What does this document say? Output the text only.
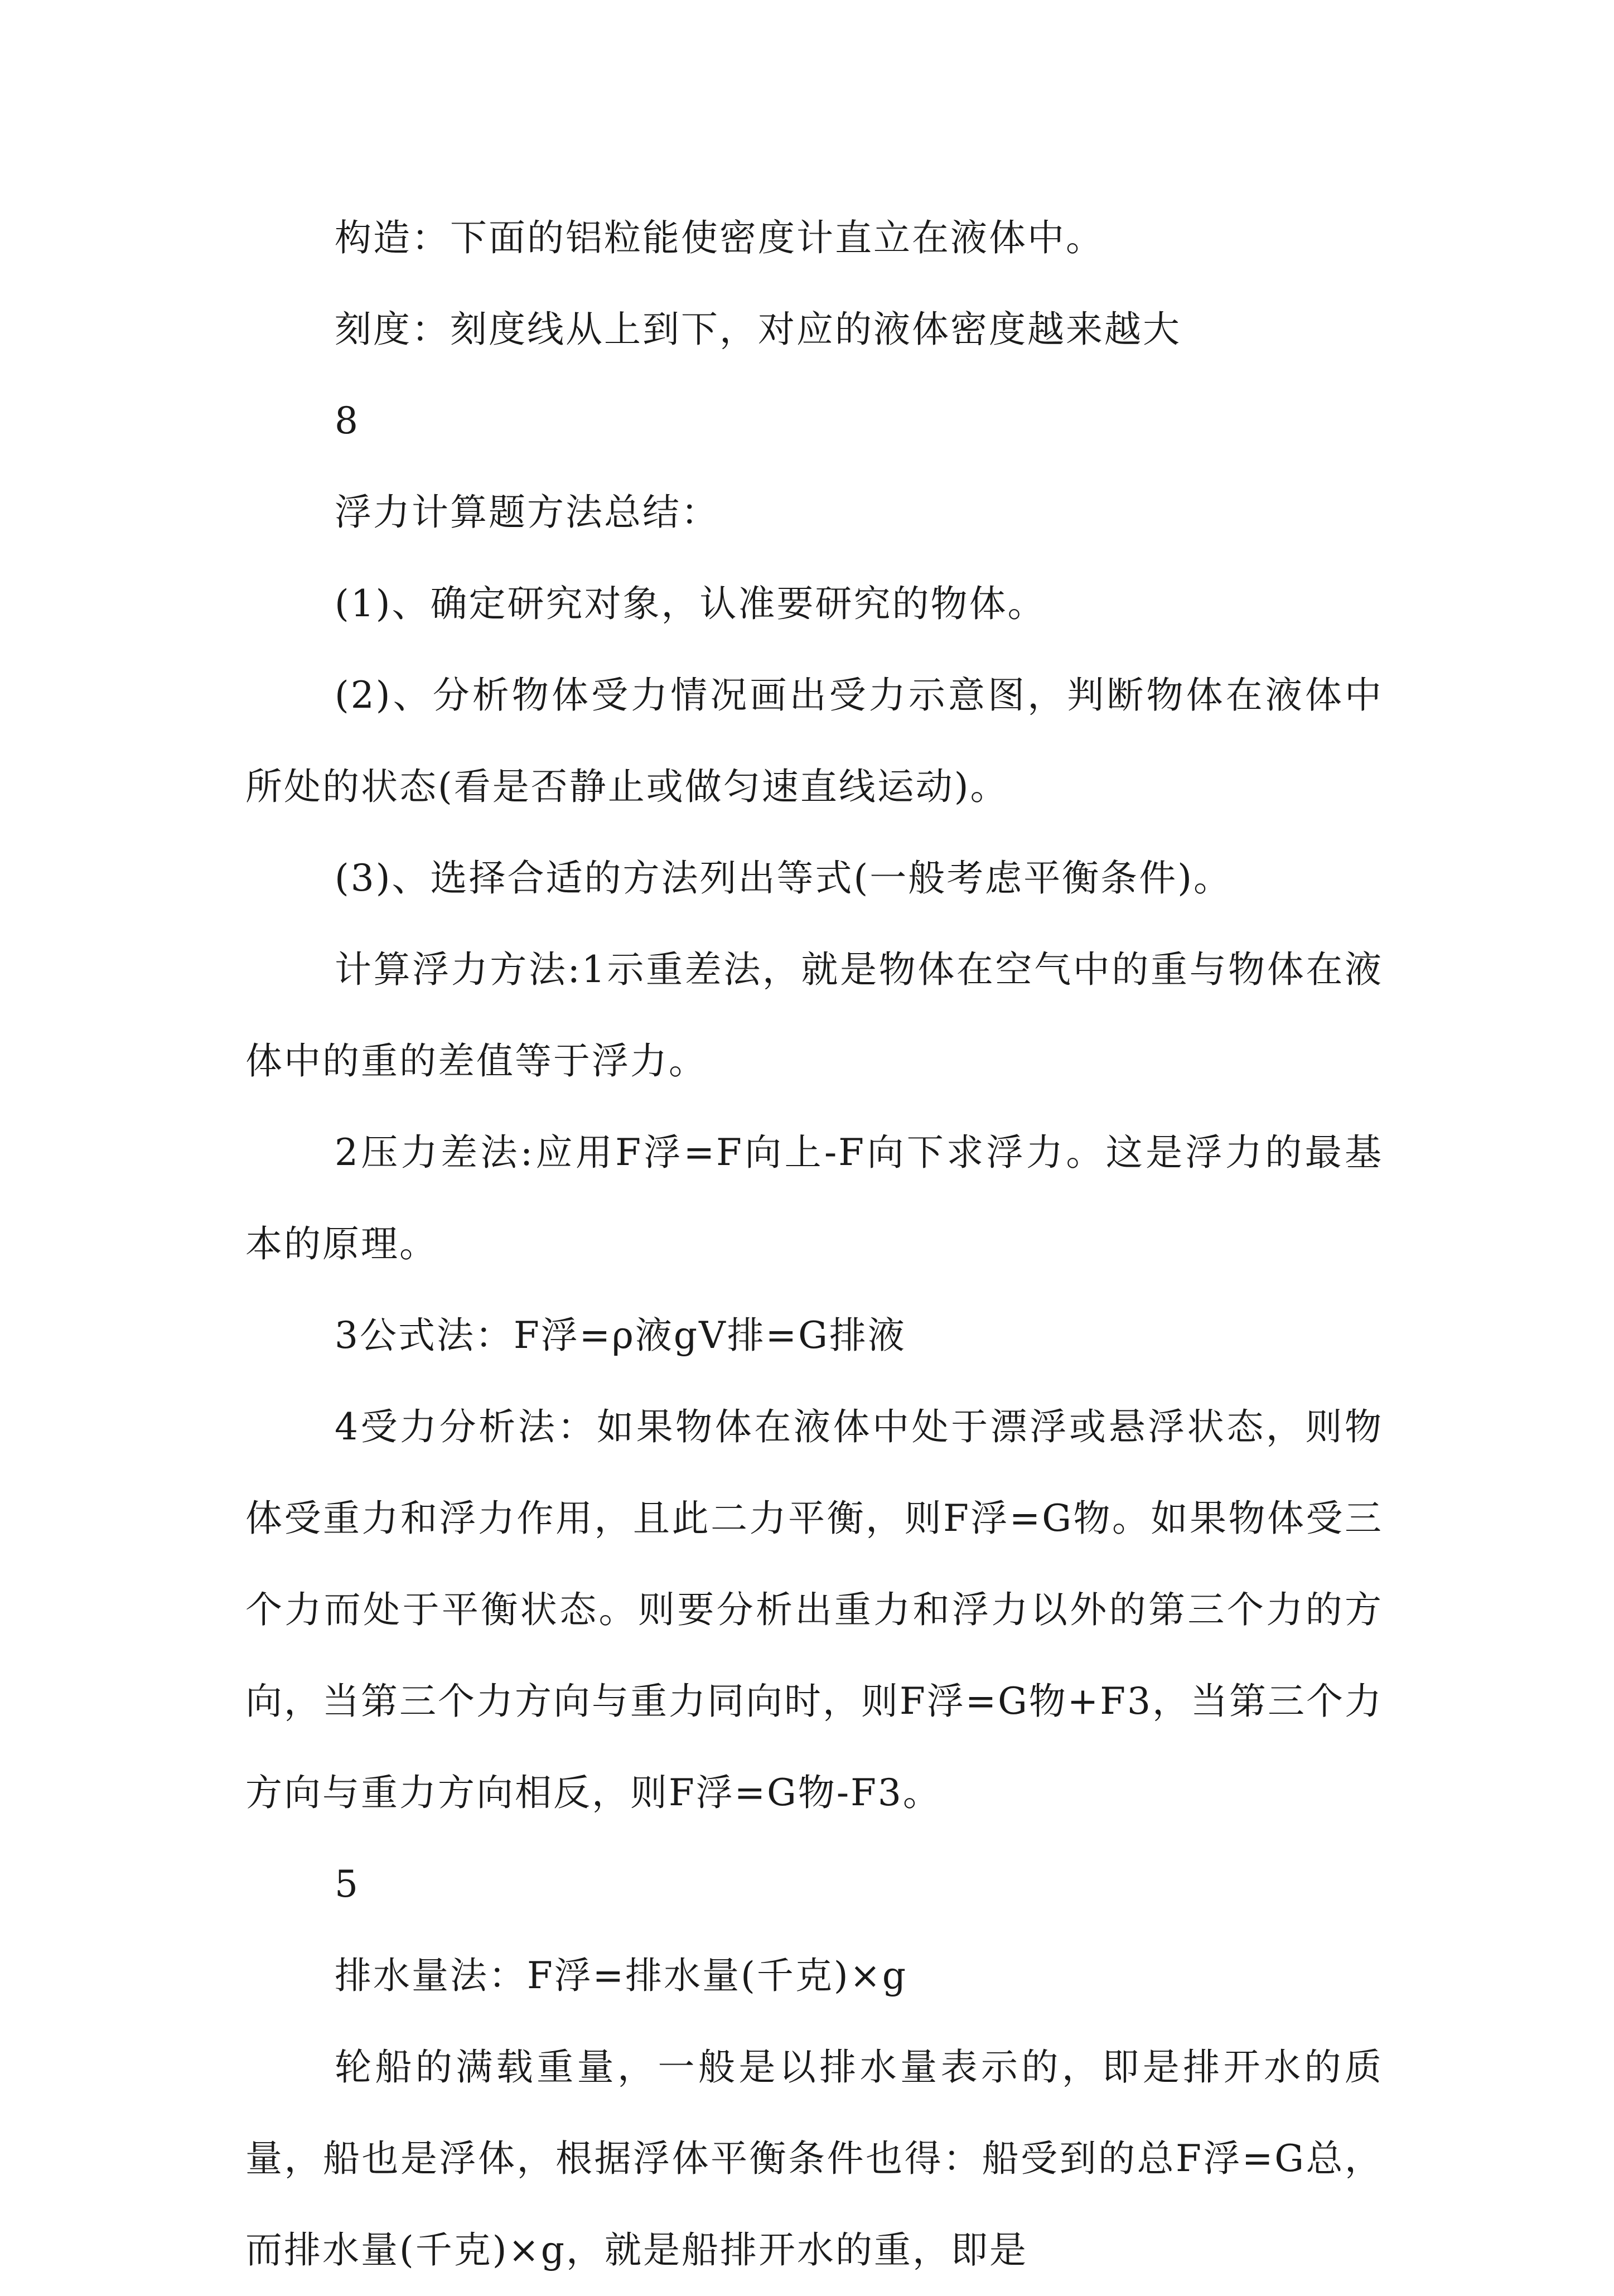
构造：下面的铝粒能使密度计直立在液体中。

刻度：刻度线从上到下，对应的液体密度越来越大

8

浮力计算题方法总结：

(1)、确定研究对象，认准要研究的物体。

(2)、分析物体受力情况画出受力示意图，判断物体在液体中所处的状态(看是否静止或做匀速直线运动)。

(3)、选择合适的方法列出等式(一般考虑平衡条件)。

计算浮力方法:1示重差法，就是物体在空气中的重与物体在液体中的重的差值等于浮力。

2压力差法:应用F浮=F向上-F向下求浮力。这是浮力的最基本的原理。

3公式法：F浮=ρ液gV排=G排液

4受力分析法：如果物体在液体中处于漂浮或悬浮状态，则物体受重力和浮力作用，且此二力平衡，则F浮=G物。如果物体受三个力而处于平衡状态。则要分析出重力和浮力以外的第三个力的方向，当第三个力方向与重力同向时，则F浮=G物+F3，当第三个力方向与重力方向相反，则F浮=G物-F3。

5

排水量法：F浮=排水量(千克)×g

轮船的满载重量，一般是以排水量表示的，即是排开水的质量，船也是浮体，根据浮体平衡条件也得：船受到的总F浮=G总，而排水量(千克)×g，就是船排开水的重，即是
